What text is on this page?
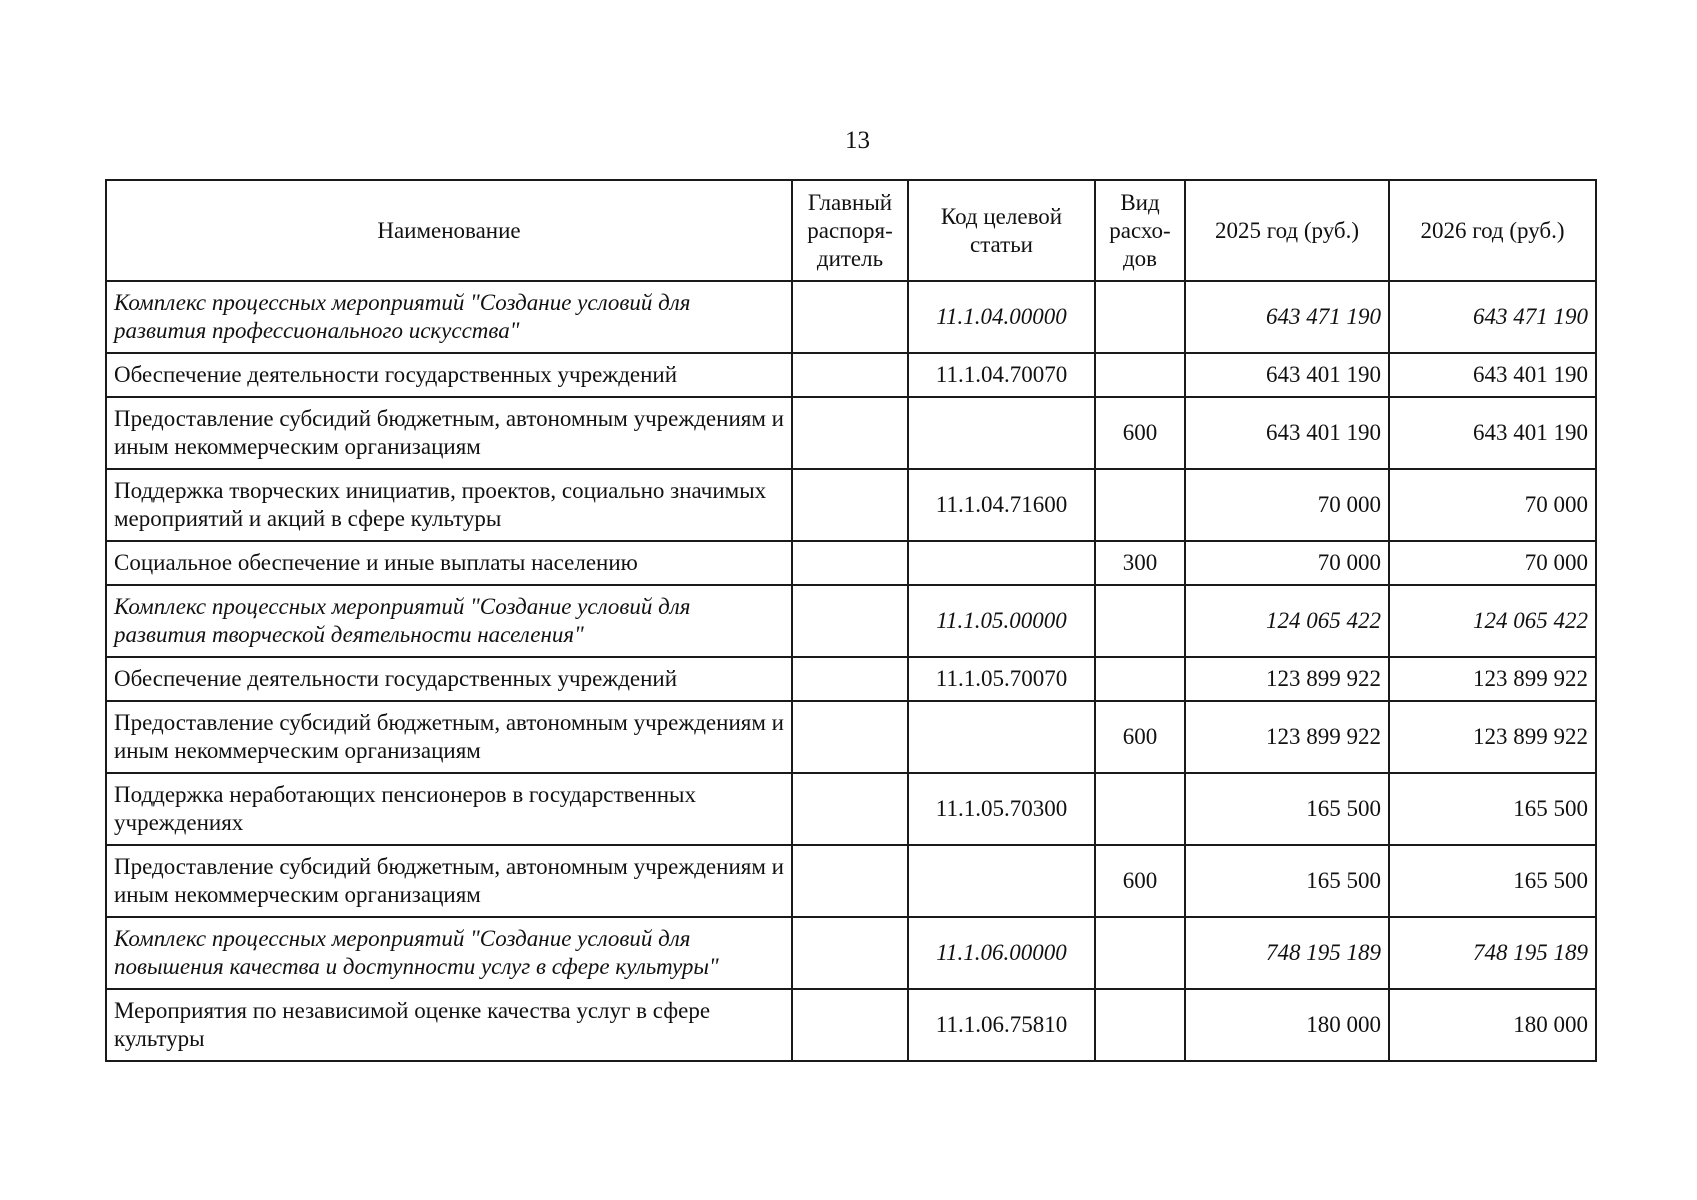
13
Наименование	Главный распоря-дитель	Код целевой статьи	Вид расхо-дов	2025 год (руб.)	2026 год (руб.)
Комплекс процессных мероприятий "Создание условий для развития профессионального искусства"		11.1.04.00000		643 471 190	643 471 190
Обеспечение деятельности государственных учреждений		11.1.04.70070		643 401 190	643 401 190
Предоставление субсидий бюджетным, автономным учреждениям и иным некоммерческим организациям			600	643 401 190	643 401 190
Поддержка творческих инициатив, проектов, социально значимых мероприятий и акций в сфере культуры		11.1.04.71600		70 000	70 000
Социальное обеспечение и иные выплаты населению			300	70 000	70 000
Комплекс процессных мероприятий "Создание условий для развития творческой деятельности населения"		11.1.05.00000		124 065 422	124 065 422
Обеспечение деятельности государственных учреждений		11.1.05.70070		123 899 922	123 899 922
Предоставление субсидий бюджетным, автономным учреждениям и иным некоммерческим организациям			600	123 899 922	123 899 922
Поддержка неработающих пенсионеров в государственных учреждениях		11.1.05.70300		165 500	165 500
Предоставление субсидий бюджетным, автономным учреждениям и иным некоммерческим организациям			600	165 500	165 500
Комплекс процессных мероприятий "Создание условий для повышения качества и доступности услуг в сфере культуры"		11.1.06.00000		748 195 189	748 195 189
Мероприятия по независимой оценке качества услуг в сфере культуры		11.1.06.75810		180 000	180 000
